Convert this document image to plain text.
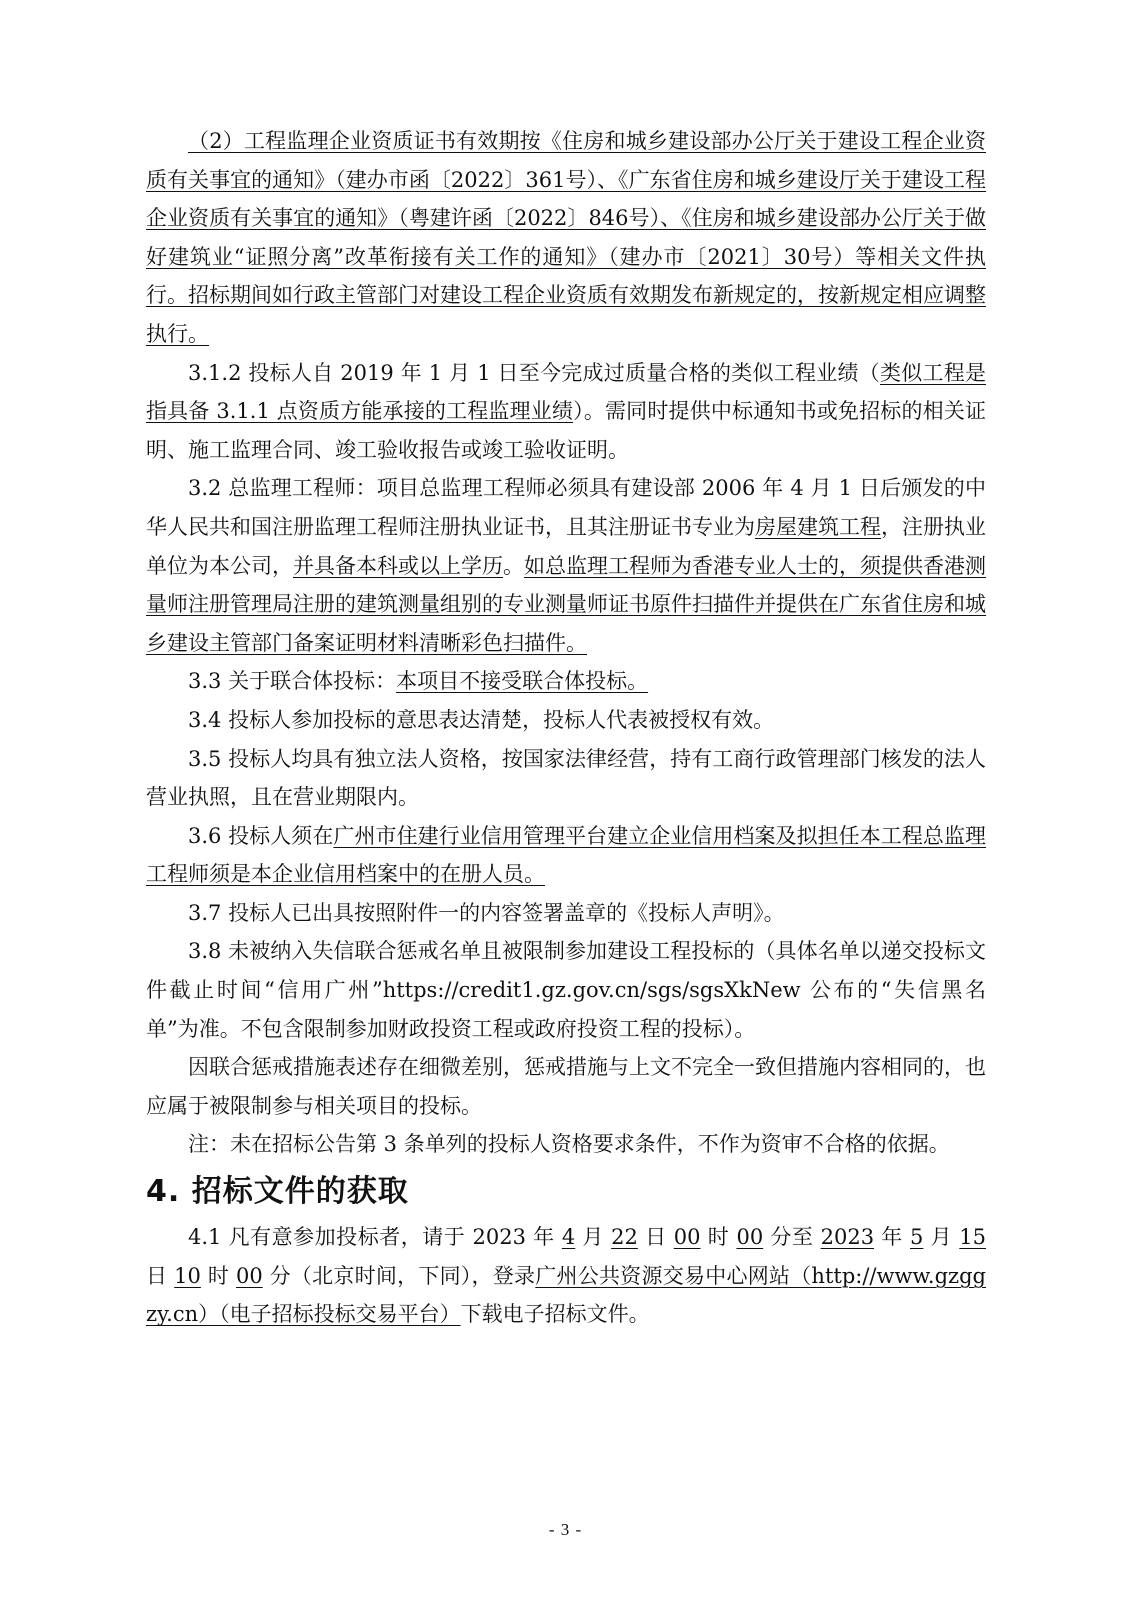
（2）工程监理企业资质证书有效期按《住房和城乡建设部办公厅关于建设工程企业资质有关事宜的通知》（建办市函〔2022〕361号）、《广东省住房和城乡建设厅关于建设工程企业资质有关事宜的通知》（粤建许函〔2022〕846号）、《住房和城乡建设部办公厅关于做好建筑业“证照分离”改革衔接有关工作的通知》（建办市〔2021〕30号）等相关文件执行。招标期间如行政主管部门对建设工程企业资质有效期发布新规定的，按新规定相应调整执行。

3.1.2 投标人自 2019 年 1 月 1 日至今完成过质量合格的类似工程业绩（类似工程是指具备 3.1.1 点资质方能承接的工程监理业绩）。需同时提供中标通知书或免招标的相关证明、施工监理合同、竣工验收报告或竣工验收证明。

3.2 总监理工程师：项目总监理工程师必须具有建设部 2006 年 4 月 1 日后颁发的中华人民共和国注册监理工程师注册执业证书，且其注册证书专业为房屋建筑工程，注册执业单位为本公司，并具备本科或以上学历。如总监理工程师为香港专业人士的，须提供香港测量师注册管理局注册的建筑测量组别的专业测量师证书原件扫描件并提供在广东省住房和城乡建设主管部门备案证明材料清晰彩色扫描件。

3.3 关于联合体投标：本项目不接受联合体投标。

3.4 投标人参加投标的意思表达清楚，投标人代表被授权有效。

3.5 投标人均具有独立法人资格，按国家法律经营，持有工商行政管理部门核发的法人营业执照，且在营业期限内。

3.6 投标人须在广州市住建行业信用管理平台建立企业信用档案及拟担任本工程总监理工程师须是本企业信用档案中的在册人员。

3.7 投标人已出具按照附件一的内容签署盖章的《投标人声明》。

3.8 未被纳入失信联合惩戒名单且被限制参加建设工程投标的（具体名单以递交投标文件截止时间“信用广州”https://credit1.gz.gov.cn/sgs/sgsXkNew 公布的“失信黑名单”为准。不包含限制参加财政投资工程或政府投资工程的投标）。

因联合惩戒措施表述存在细微差别，惩戒措施与上文不完全一致但措施内容相同的，也应属于被限制参与相关项目的投标。

注：未在招标公告第 3 条单列的投标人资格要求条件，不作为资审不合格的依据。

4. 招标文件的获取

4.1 凡有意参加投标者，请于 2023 年 4 月 22 日 00 时 00 分至 2023 年 5 月 15 日 10 时 00 分（北京时间，下同），登录广州公共资源交易中心网站（http://www.gzggzy.cn）（电子招标投标交易平台）下载电子招标文件。

- 3 -
